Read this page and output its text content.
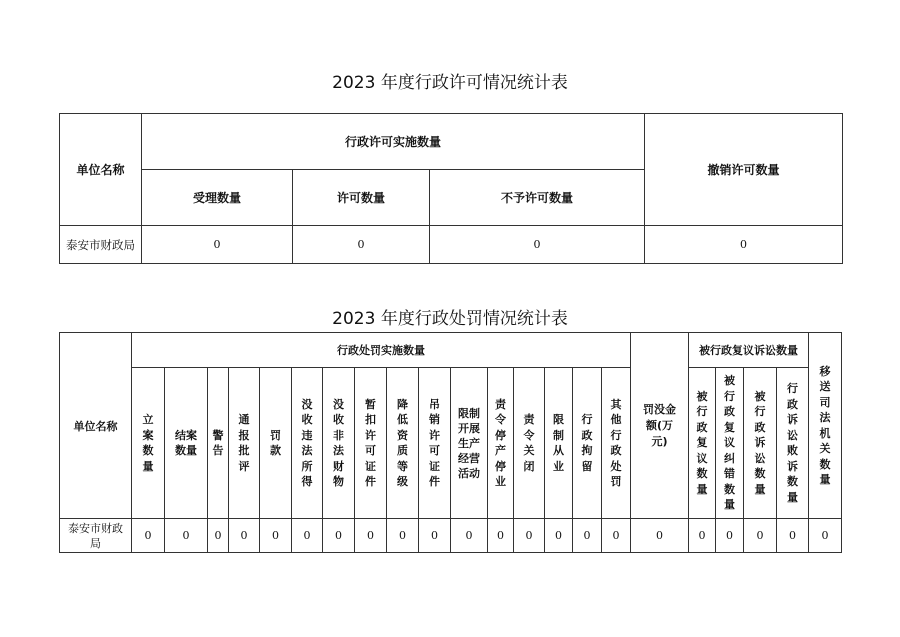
2023 年度行政许可情况统计表
单位名称	行政许可实施数量			撤销许可数量
	受理数量	许可数量	不予许可数量	
泰安市财政局	0	0	0	0
2023 年度行政处罚情况统计表
单位名称	行政处罚实施数量																罚没金额(万元)	被行政复议诉讼数量				移送司法机关数量
	立案数量	结案数量	警告	通报批评	罚款	没收违法所得	没收非法财物	暂扣许可证件	降低资质等级	吊销许可证件	限制开展生产经营活动	责令停产停业	责令关闭	限制从业	行政拘留	其他行政处罚		被行政复议数量	被行政复议纠错数量	被行政诉讼数量	行政诉讼败诉数量	
泰安市财政局	0	0	0	0	0	0	0	0	0	0	0	0	0	0	0	0	0	0	0	0	0	0
